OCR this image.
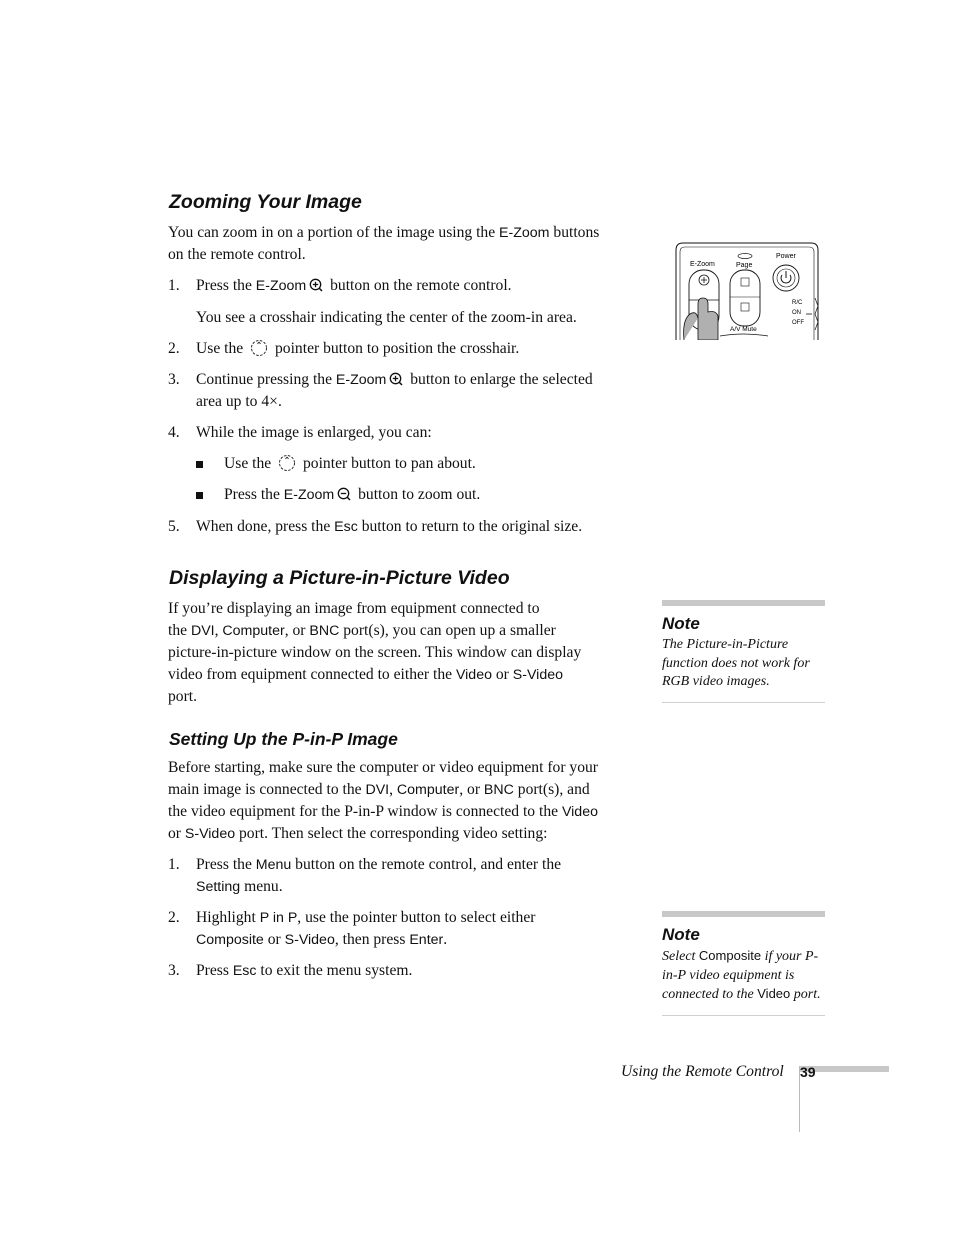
Zooming Your Image

You can zoom in on a portion of the image using the E-Zoom buttons
on the remote control.

1. Press the E-Zoom button on the remote control.

You see a crosshair indicating the center of the zoom-in area.

2. Use the  pointer button to position the crosshair.
3. Continue pressing the E-Zoom button to enlarge the selected
area up to 4×.
4. While the image is enlarged, you can:
Use the  pointer button to pan about.
Press the E-Zoom button to zoom out.
5. When done, press the Esc button to return to the original size.
E-Zoom	Page
Power
R/C
ON
OFF
A/V Mute
Displaying a Picture-in-Picture Video

If you’re displaying an image from equipment connected to
the DVI, Computer, or BNC port(s), you can open up a smaller
picture-in-picture window on the screen. This window can display
video from equipment connected to either the Video or S-Video
port.

Note

The Picture-in-Picture function does not work for RGB video images.

Setting Up the P-in-P Image

Before starting, make sure the computer or video equipment for your
main image is connected to the DVI, Computer, or BNC port(s), and
the video equipment for the P-in-P window is connected to the Video
or S-Video port. Then select the corresponding video setting:

1. Press the Menu button on the remote control, and enter the
Setting menu.
2. Highlight P in P, use the pointer button to select either
Composite or S-Video, then press Enter.
3. Press Esc to exit the menu system.

Note

Select Composite if your P-in-P video equipment is connected to the Video port.

Using the Remote Control 39
